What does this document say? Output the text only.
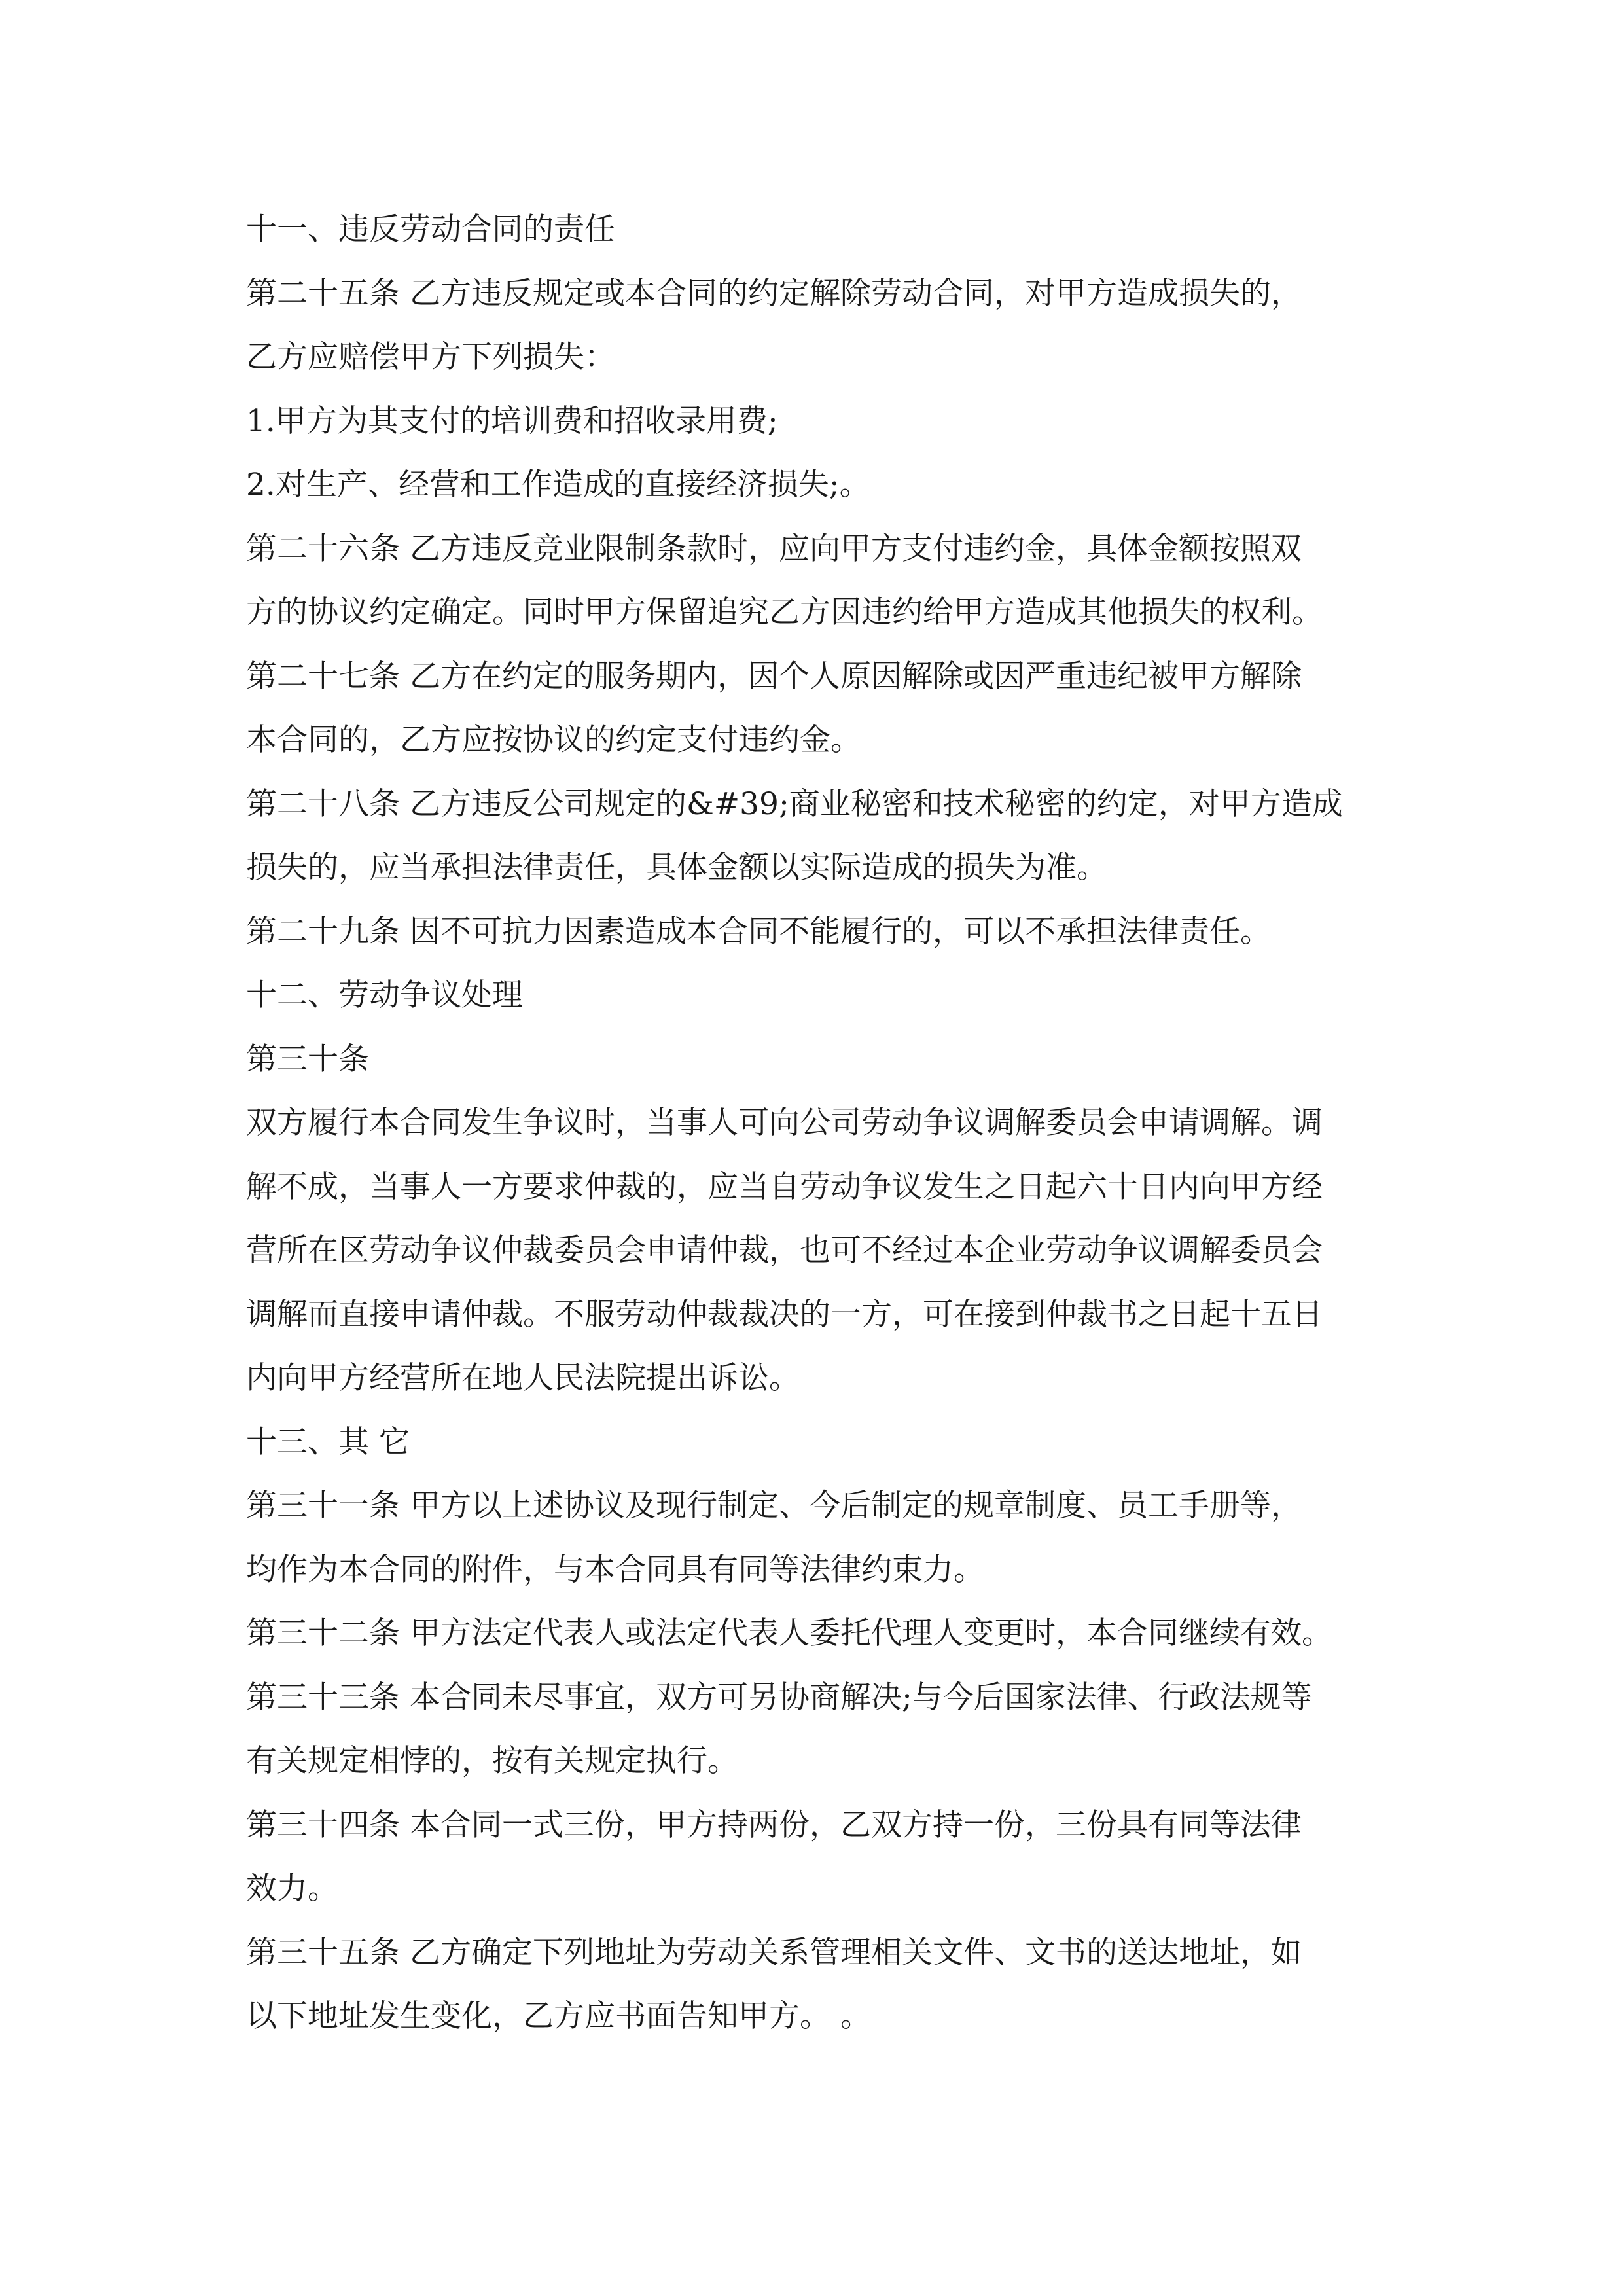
十一、违反劳动合同的责任
第二十五条 乙方违反规定或本合同的约定解除劳动合同，对甲方造成损失的，
乙方应赔偿甲方下列损失：
1.甲方为其支付的培训费和招收录用费;
2.对生产、经营和工作造成的直接经济损失;。
第二十六条 乙方违反竞业限制条款时，应向甲方支付违约金，具体金额按照双
方的协议约定确定。同时甲方保留追究乙方因违约给甲方造成其他损失的权利。
第二十七条 乙方在约定的服务期内，因个人原因解除或因严重违纪被甲方解除
本合同的，乙方应按协议的约定支付违约金。
第二十八条 乙方违反公司规定的&#39;商业秘密和技术秘密的约定，对甲方造成
损失的，应当承担法律责任，具体金额以实际造成的损失为准。
第二十九条 因不可抗力因素造成本合同不能履行的，可以不承担法律责任。
十二、劳动争议处理
第三十条
双方履行本合同发生争议时，当事人可向公司劳动争议调解委员会申请调解。调
解不成，当事人一方要求仲裁的，应当自劳动争议发生之日起六十日内向甲方经
营所在区劳动争议仲裁委员会申请仲裁，也可不经过本企业劳动争议调解委员会
调解而直接申请仲裁。不服劳动仲裁裁决的一方，可在接到仲裁书之日起十五日
内向甲方经营所在地人民法院提出诉讼。
十三、其 它
第三十一条 甲方以上述协议及现行制定、今后制定的规章制度、员工手册等，
均作为本合同的附件，与本合同具有同等法律约束力。
第三十二条 甲方法定代表人或法定代表人委托代理人变更时，本合同继续有效。
第三十三条 本合同未尽事宜，双方可另协商解决;与今后国家法律、行政法规等
有关规定相悖的，按有关规定执行。
第三十四条 本合同一式三份，甲方持两份，乙双方持一份，三份具有同等法律
效力。
第三十五条 乙方确定下列地址为劳动关系管理相关文件、文书的送达地址，如
以下地址发生变化，乙方应书面告知甲方。 。
